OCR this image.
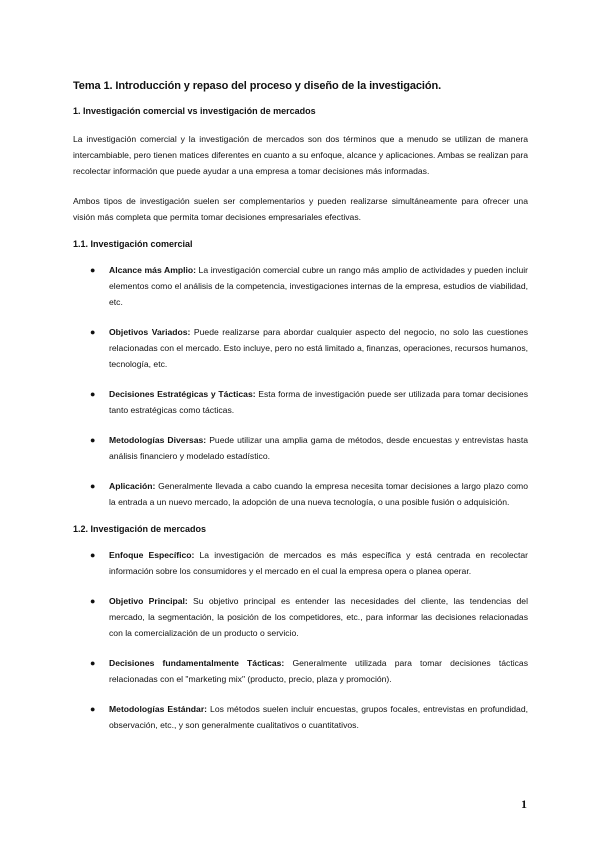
Tema 1. Introducción y repaso del proceso y diseño de la investigación.
1. Investigación comercial vs investigación de mercados

La investigación comercial y la investigación de mercados son dos términos que a menudo se utilizan de manera intercambiable, pero tienen matices diferentes en cuanto a su enfoque, alcance y aplicaciones. Ambas se realizan para recolectar información que puede ayudar a una empresa a tomar decisiones más informadas.

Ambos tipos de investigación suelen ser complementarios y pueden realizarse simultáneamente para ofrecer una visión más completa que permita tomar decisiones empresariales efectivas.

1.1. Investigación comercial
● Alcance más Amplio: La investigación comercial cubre un rango más amplio de actividades y pueden incluir elementos como el análisis de la competencia, investigaciones internas de la empresa, estudios de viabilidad, etc.
● Objetivos Variados: Puede realizarse para abordar cualquier aspecto del negocio, no solo las cuestiones relacionadas con el mercado. Esto incluye, pero no está limitado a, finanzas, operaciones, recursos humanos, tecnología, etc.
● Decisiones Estratégicas y Tácticas: Esta forma de investigación puede ser utilizada para tomar decisiones tanto estratégicas como tácticas.
● Metodologías Diversas: Puede utilizar una amplia gama de métodos, desde encuestas y entrevistas hasta análisis financiero y modelado estadístico.
● Aplicación: Generalmente llevada a cabo cuando la empresa necesita tomar decisiones a largo plazo como la entrada a un nuevo mercado, la adopción de una nueva tecnología, o una posible fusión o adquisición.
1.2. Investigación de mercados
● Enfoque Específico: La investigación de mercados es más específica y está centrada en recolectar información sobre los consumidores y el mercado en el cual la empresa opera o planea operar.
● Objetivo Principal: Su objetivo principal es entender las necesidades del cliente, las tendencias del mercado, la segmentación, la posición de los competidores, etc., para informar las decisiones relacionadas con la comercialización de un producto o servicio.
● Decisiones fundamentalmente Tácticas: Generalmente utilizada para tomar decisiones tácticas relacionadas con el "marketing mix" (producto, precio, plaza y promoción).
● Metodologías Estándar: Los métodos suelen incluir encuestas, grupos focales, entrevistas en profundidad, observación, etc., y son generalmente cualitativos o cuantitativos.
1
